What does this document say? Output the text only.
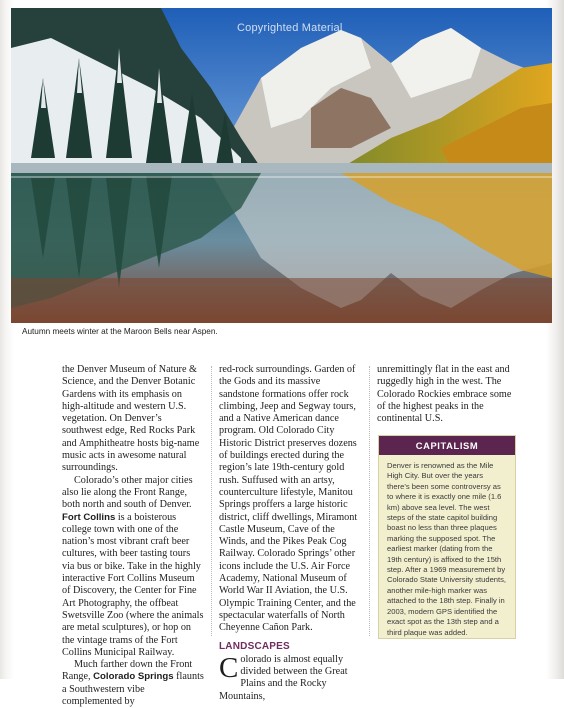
Copyrighted Material
Autumn meets winter at the Maroon Bells near Aspen.

the Denver Museum of Nature & Science, and the Denver Botanic Gardens with its emphasis on high-altitude and western U.S. vegetation. On Denver’s southwest edge, Red Rocks Park and Amphitheatre hosts big-name music acts in awesome natural surroundings.

Colorado’s other major cities also lie along the Front Range, both north and south of Denver. Fort Collins is a boisterous college town with one of the nation’s most vibrant craft beer cultures, with beer tasting tours via bus or bike. Take in the highly interactive Fort Collins Museum of Discovery, the Center for Fine Art Photography, the offbeat Swetsville Zoo (where the animals are metal sculptures), or hop on the vintage trams of the Fort Collins Municipal Railway.

Much farther down the Front Range, Colorado Springs flaunts a Southwestern vibe complemented by

red-rock surroundings. Garden of the Gods and its massive sandstone formations offer rock climbing, Jeep and Segway tours, and a Native American dance program. Old Colorado City Historic District preserves dozens of buildings erected during the region’s late 19th-century gold rush. Suffused with an artsy, counterculture lifestyle, Manitou Springs proffers a large historic district, cliff dwellings, Miramont Castle Museum, Cave of the Winds, and the Pikes Peak Cog Railway. Colorado Springs’ other icons include the U.S. Air Force Academy, National Museum of World War II Aviation, the U.S. Olympic Training Center, and the spectacular waterfalls of North Cheyenne Cañon Park.

LANDSCAPES

Colorado is almost equally divided between the Great Plains and the Rocky Mountains,

unremittingly flat in the east and ruggedly high in the west. The Colorado Rockies embrace some of the highest peaks in the continental U.S.

CAPITALISM
Denver is renowned as the Mile High City. But over the years there’s been some controversy as to where it is exactly one mile (1.6 km) above sea level. The west steps of the state capitol building boast no less than three plaques marking the supposed spot. The earliest marker (dating from the 19th century) is affixed to the 15th step. After a 1969 measurement by Colorado State University students, another mile-high marker was attached to the 18th step. Finally in 2003, modern GPS identified the exact spot as the 13th step and a third plaque was added.
